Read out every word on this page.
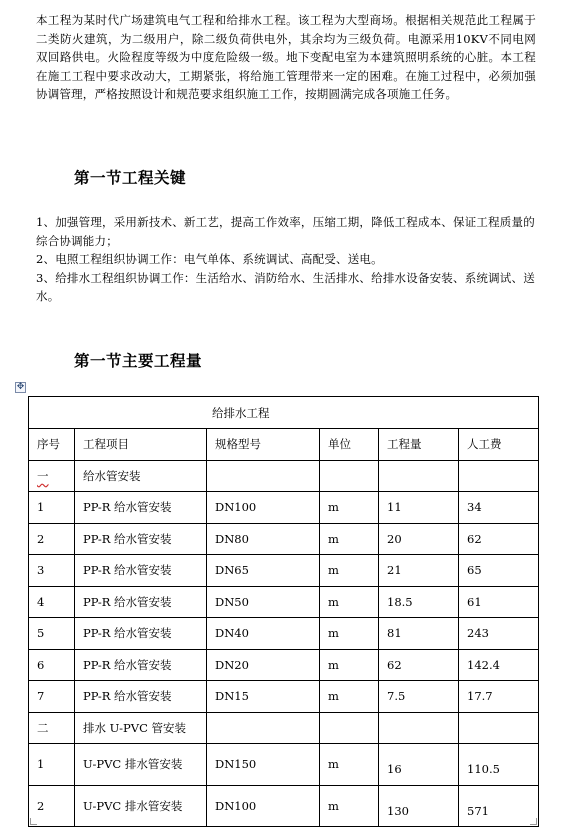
本工程为某时代广场建筑电气工程和给排水工程。该工程为大型商场。根据相关规范此工程属于二类防火建筑，为二级用户，除二级负荷供电外，其余均为三级负荷。电源采用10KV不同电网双回路供电。火险程度等级为中度危险级一级。地下变配电室为本建筑照明系统的心脏。本工程在施工工程中要求改动大，工期紧张，将给施工管理带来一定的困难。在施工过程中，必须加强协调管理，严格按照设计和规范要求组织施工工作，按期圆满完成各项施工任务。
第一节工程关键
1、加强管理，采用新技术、新工艺，提高工作效率，压缩工期，降低工程成本、保证工程质量的综合协调能力；
2、电照工程组织协调工作：电气单体、系统调试、高配受、送电。
3、给排水工程组织协调工作：生活给水、消防给水、生活排水、给排水设备安装、系统调试、送水。
第一节主要工程量
✥
给排水工程					
序号	工程项目	规格型号	单位	工程量	人工费
一	给水管安装				
1	PP-R 给水管安装	DN100	m	11	34
2	PP-R 给水管安装	DN80	m	20	62
3	PP-R 给水管安装	DN65	m	21	65
4	PP-R 给水管安装	DN50	m	18.5	61
5	PP-R 给水管安装	DN40	m	81	243
6	PP-R 给水管安装	DN20	m	62	142.4
7	PP-R 给水管安装	DN15	m	7.5	17.7
二	排水 U-PVC 管安装				
1	U-PVC 排水管安装	DN150	m	16	110.5
2	U-PVC 排水管安装	DN100	m	130	571
